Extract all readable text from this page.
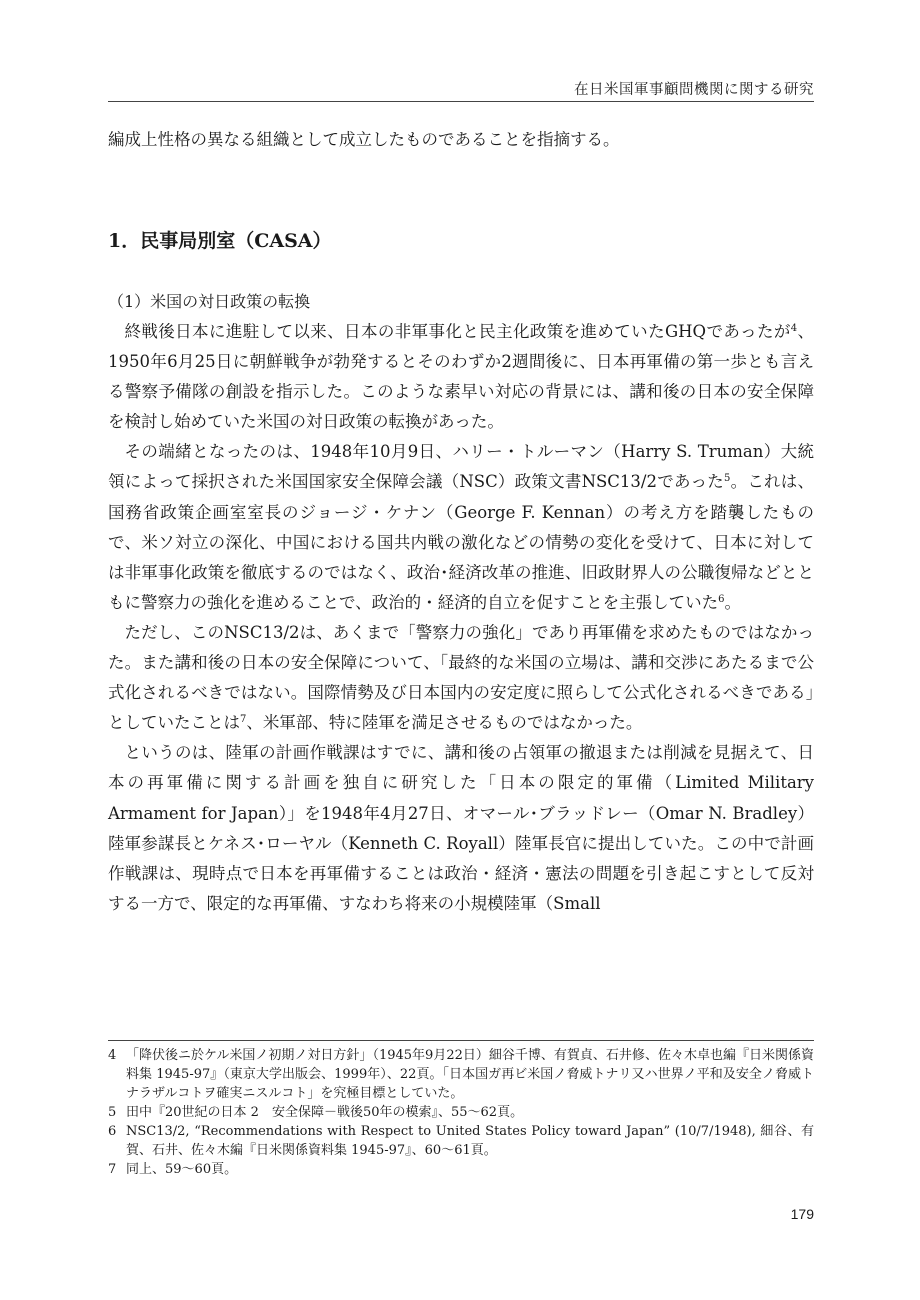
在日米国軍事顧問機関に関する研究
編成上性格の異なる組織として成立したものであることを指摘する。
1．民事局別室（CASA）
（1）米国の対日政策の転換

終戦後日本に進駐して以来、日本の非軍事化と民主化政策を進めていたGHQであったが$^4$、1950年6月25日に朝鮮戦争が勃発するとそのわずか2週間後に、日本再軍備の第一歩とも言える警察予備隊の創設を指示した。このような素早い対応の背景には、講和後の日本の安全保障を検討し始めていた米国の対日政策の転換があった。

その端緒となったのは、1948年10月9日、ハリー・トルーマン（Harry S. Truman）大統領によって採択された米国国家安全保障会議（NSC）政策文書NSC13/2であった$^5$。これは、国務省政策企画室室長のジョージ・ケナン（George F. Kennan）の考え方を踏襲したもので、米ソ対立の深化、中国における国共内戦の激化などの情勢の変化を受けて、日本に対しては非軍事化政策を徹底するのではなく、政治･経済改革の推進、旧政財界人の公職復帰などとともに警察力の強化を進めることで、政治的・経済的自立を促すことを主張していた$^6$。

ただし、このNSC13/2は、あくまで「警察力の強化」であり再軍備を求めたものではなかった。また講和後の日本の安全保障について、「最終的な米国の立場は、講和交渉にあたるまで公式化されるべきではない。国際情勢及び日本国内の安定度に照らして公式化されるべきである」としていたことは$^7$、米軍部、特に陸軍を満足させるものではなかった。

というのは、陸軍の計画作戦課はすでに、講和後の占領軍の撤退または削減を見据えて、日本の再軍備に関する計画を独自に研究した「日本の限定的軍備（Limited Military Armament for Japan）」を1948年4月27日、オマール･ブラッドレー（Omar N. Bradley）陸軍参謀長とケネス･ローヤル（Kenneth C. Royall）陸軍長官に提出していた。この中で計画作戦課は、現時点で日本を再軍備することは政治・経済・憲法の問題を引き起こすとして反対する一方で、限定的な再軍備、すなわち将来の小規模陸軍（Small

4 「降伏後ニ於ケル米国ノ初期ノ対日方針」（1945年9月22日）細谷千博、有賀貞、石井修、佐々木卓也編『日米関係資料集 1945-97』（東京大学出版会、1999年）、22頁。「日本国ガ再ビ米国ノ脅威トナリ又ハ世界ノ平和及安全ノ脅威トナラザルコトヲ確実ニスルコト」を究極目標としていた。
5 田中『20世紀の日本 2　安全保障－戦後50年の模索』、55～62頁。
6 NSC13/2, “Recommendations with Respect to United States Policy toward Japan” (10/7/1948), 細谷、有賀、石井、佐々木編『日米関係資料集 1945-97』、60～61頁。
7 同上、59～60頁。
179
